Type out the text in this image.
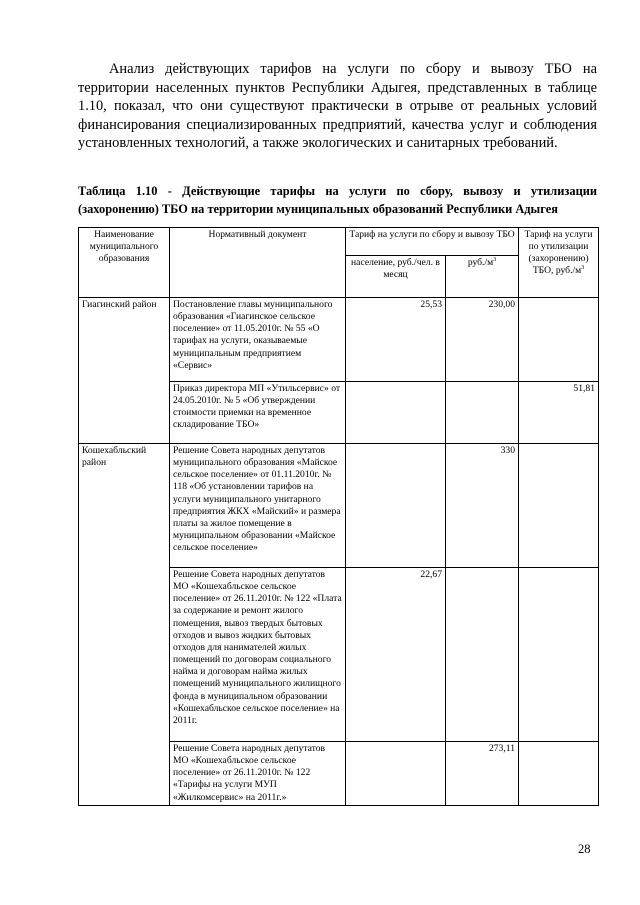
Анализ действующих тарифов на услуги по сбору и вывозу ТБО на территории населенных пунктов Республики Адыгея, представленных в таблице 1.10, показал, что они существуют практически в отрыве от реальных условий финансирования специализированных предприятий, качества услуг и соблюдения установленных технологий, а также экологических и санитарных требований.

Таблица 1.10 - Действующие тарифы на услуги по сбору, вывозу и утилизации (захоронению) ТБО на территории муниципальных образований Республики Адыгея

Наименование муниципального образования	Нормативный документ	Тариф на услуги по сбору и вывозу ТБО		Тариф на услуги по утилизации (захоронению) ТБО, $руб./м^3$
		население, руб./чел. в месяц	$руб./м^3$
Гиагинский район	Постановление главы муниципального образования «Гиагинское сельское поселение» от 11.05.2010г. № 55 «О тарифах на услуги, оказываемые муниципальным предприятием «Сервис»	25,53	230,00	
	Приказ директора МП «Утильсервис» от 24.05.2010г. № 5 «Об утверждении стоимости приемки на временное складирование ТБО»			51,81
Кошехабльский район	Решение Совета народных депутатов муниципального образования «Майское сельское поселение» от 01.11.2010г. № 118 «Об установлении тарифов на услуги муниципального унитарного предприятия ЖКХ «Майский» и размера платы за жилое помещение в муниципальном образовании «Майское сельское поселение»		330	
	Решение Совета народных депутатов МО «Кошехабльское сельское поселение» от 26.11.2010г. № 122 «Плата за содержание и ремонт жилого помещения, вывоз твердых бытовых отходов и вывоз жидких бытовых отходов для нанимателей жилых помещений по договорам социального найма и договорам найма жилых помещений муниципального жилищного фонда в муниципальном образовании «Кошехабльское сельское поселение» на 2011г.	22,67		
	Решение Совета народных депутатов МО «Кошехабльское сельское поселение» от 26.11.2010г. № 122 «Тарифы на услуги МУП «Жилкомсервис» на 2011г.»		273,11	
28
